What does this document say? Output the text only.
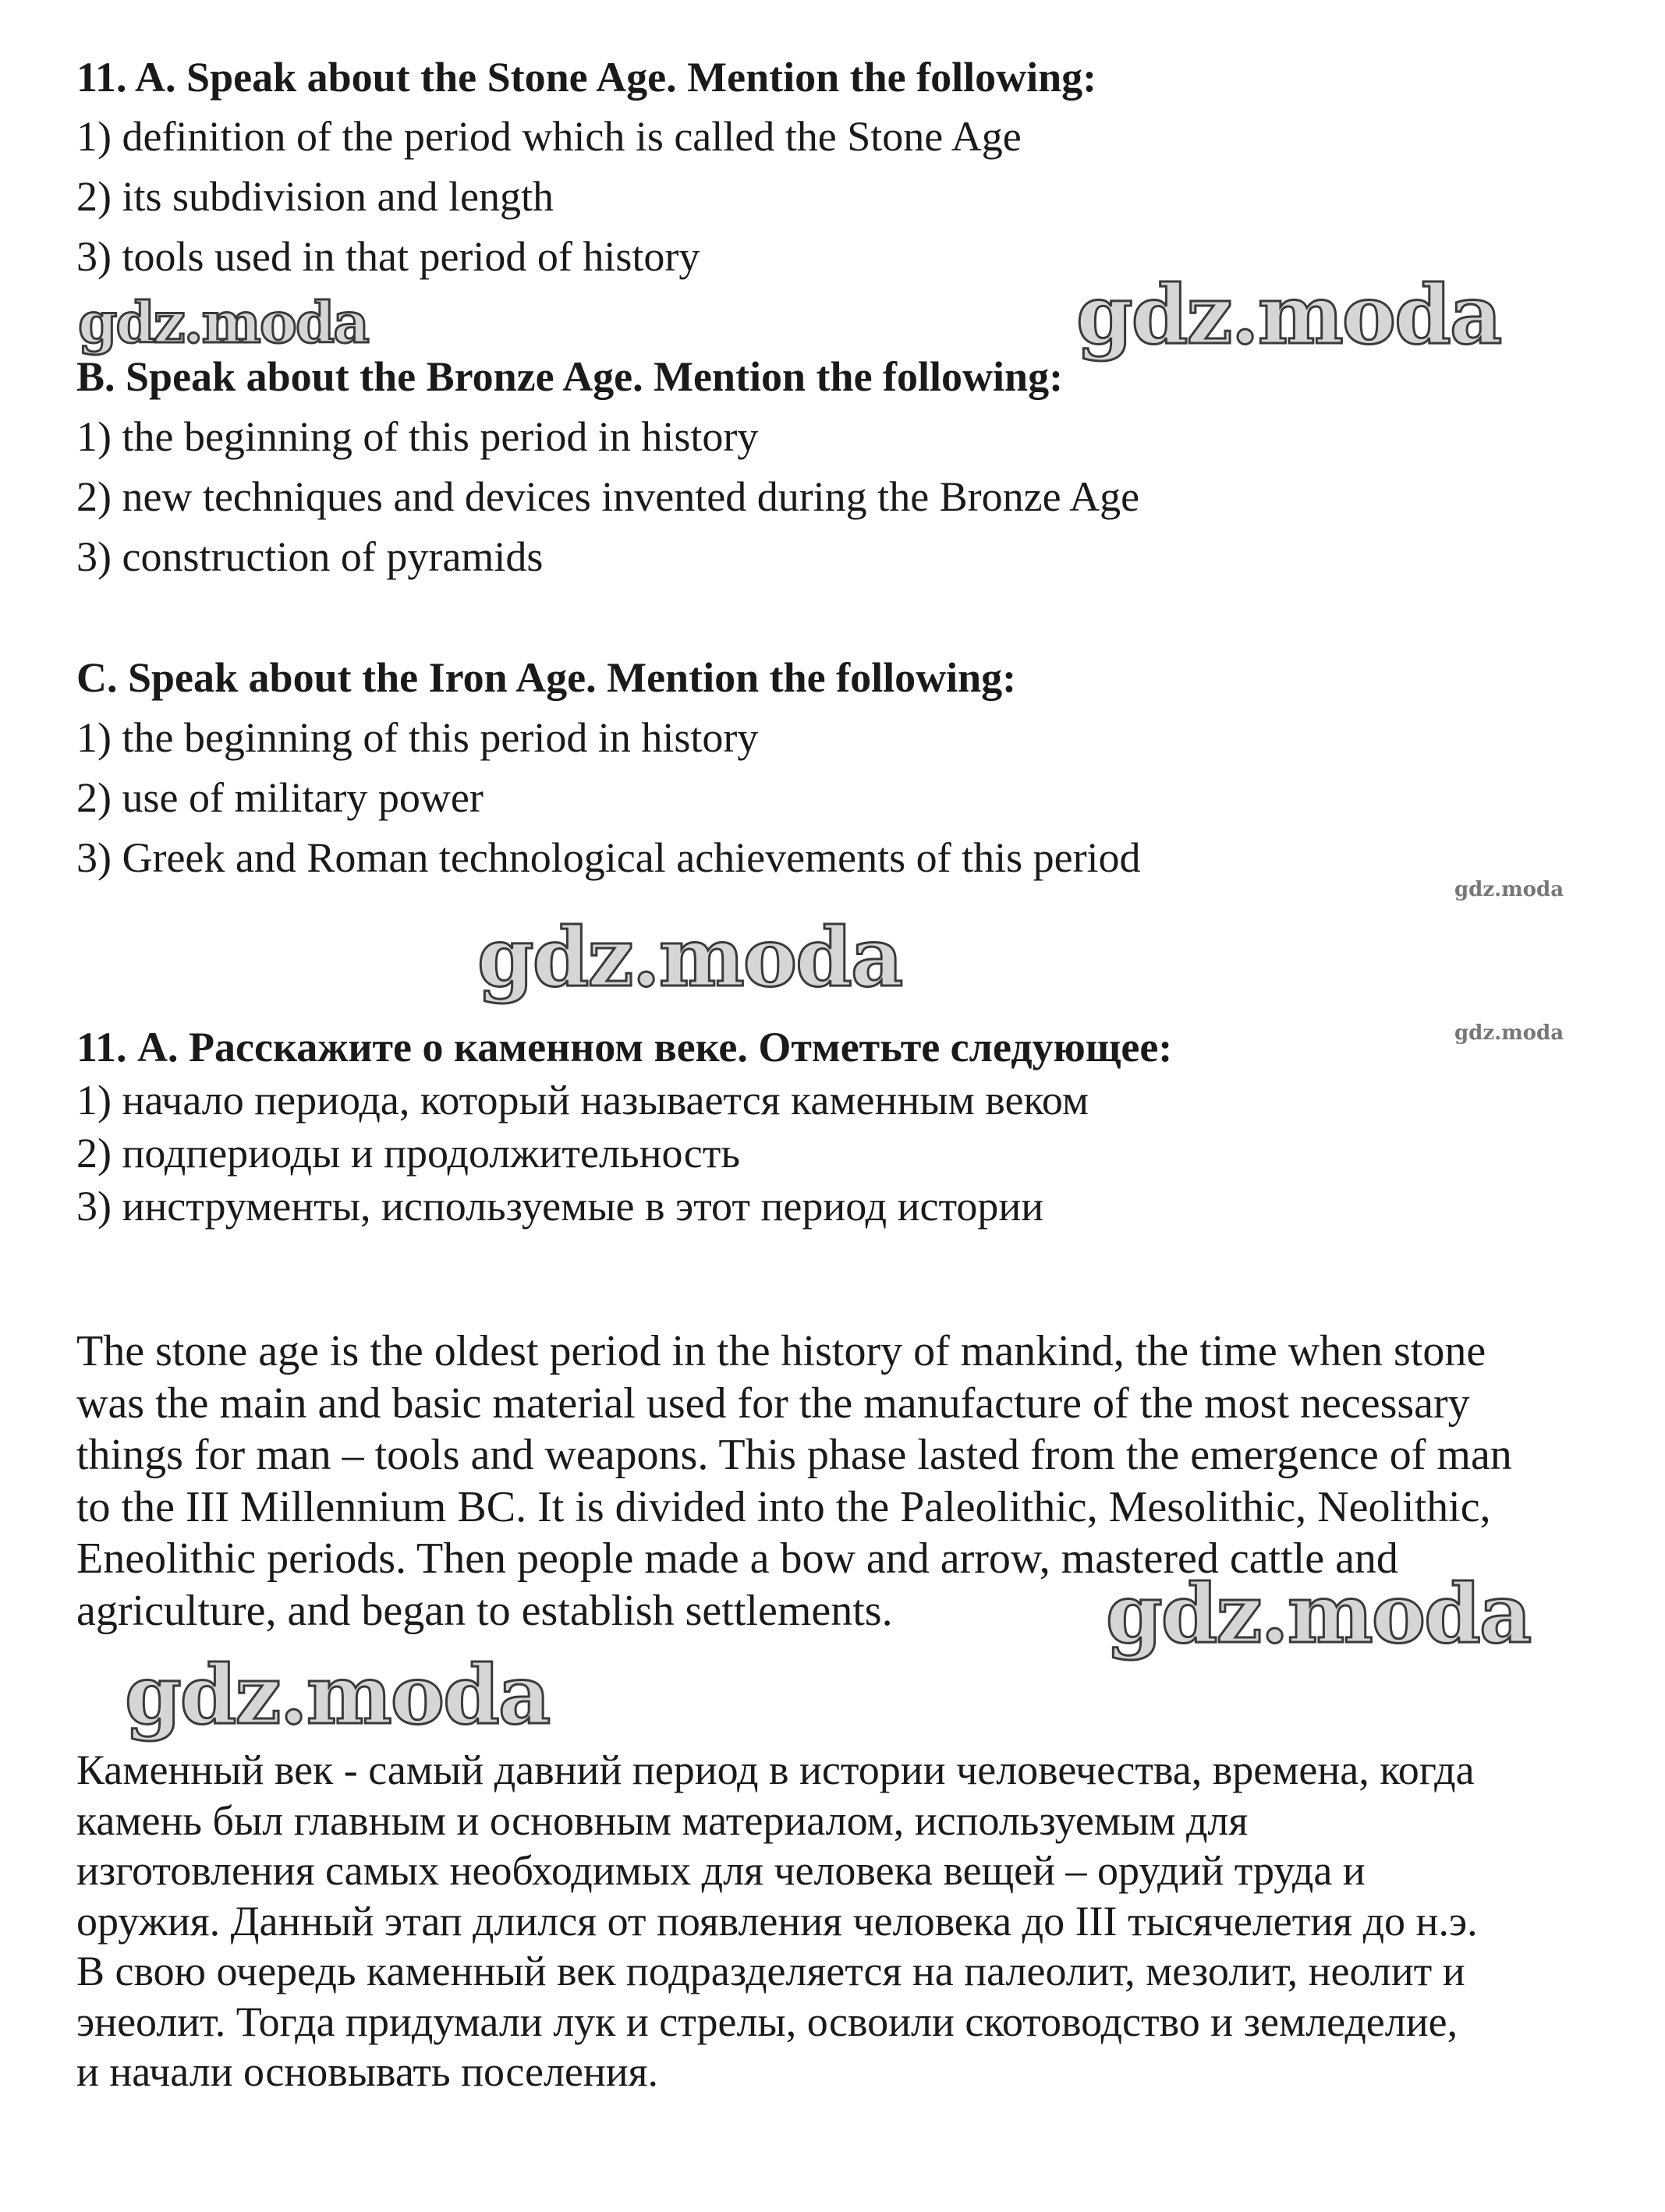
11. A. Speak about the Stone Age. Mention the following:
1) definition of the period which is called the Stone Age
2) its subdivision and length
3) tools used in that period of history
B. Speak about the Bronze Age. Mention the following:
1) the beginning of this period in history
2) new techniques and devices invented during the Bronze Age
3) construction of pyramids
C. Speak about the Iron Age. Mention the following:
1) the beginning of this period in history
2) use of military power
3) Greek and Roman technological achievements of this period
11. А. Расскажите о каменном веке. Отметьте следующее:
1) начало периода, который называется каменным веком
2) подпериоды и продолжительность
3) инструменты, используемые в этот период истории
The stone age is the oldest period in the history of mankind, the time when stone
was the main and basic material used for the manufacture of the most necessary
things for man – tools and weapons. This phase lasted from the emergence of man
to the III Millennium BC. It is divided into the Paleolithic, Mesolithic, Neolithic,
Eneolithic periods. Then people made a bow and arrow, mastered cattle and
agriculture, and began to establish settlements.
Каменный век - самый давний период в истории человечества, времена, когда
камень был главным и основным материалом, используемым для
изготовления самых необходимых для человека вещей – орудий труда и
оружия. Данный этап длился от появления человека до III тысячелетия до н.э.
В свою очередь каменный век подразделяется на палеолит, мезолит, неолит и
энеолит. Тогда придумали лук и стрелы, освоили скотоводство и земледелие,
и начали основывать поселения.
gdz.moda	gdz.moda
gdz.moda
gdz.moda
gdz.moda
gdz.moda
gdz.moda
